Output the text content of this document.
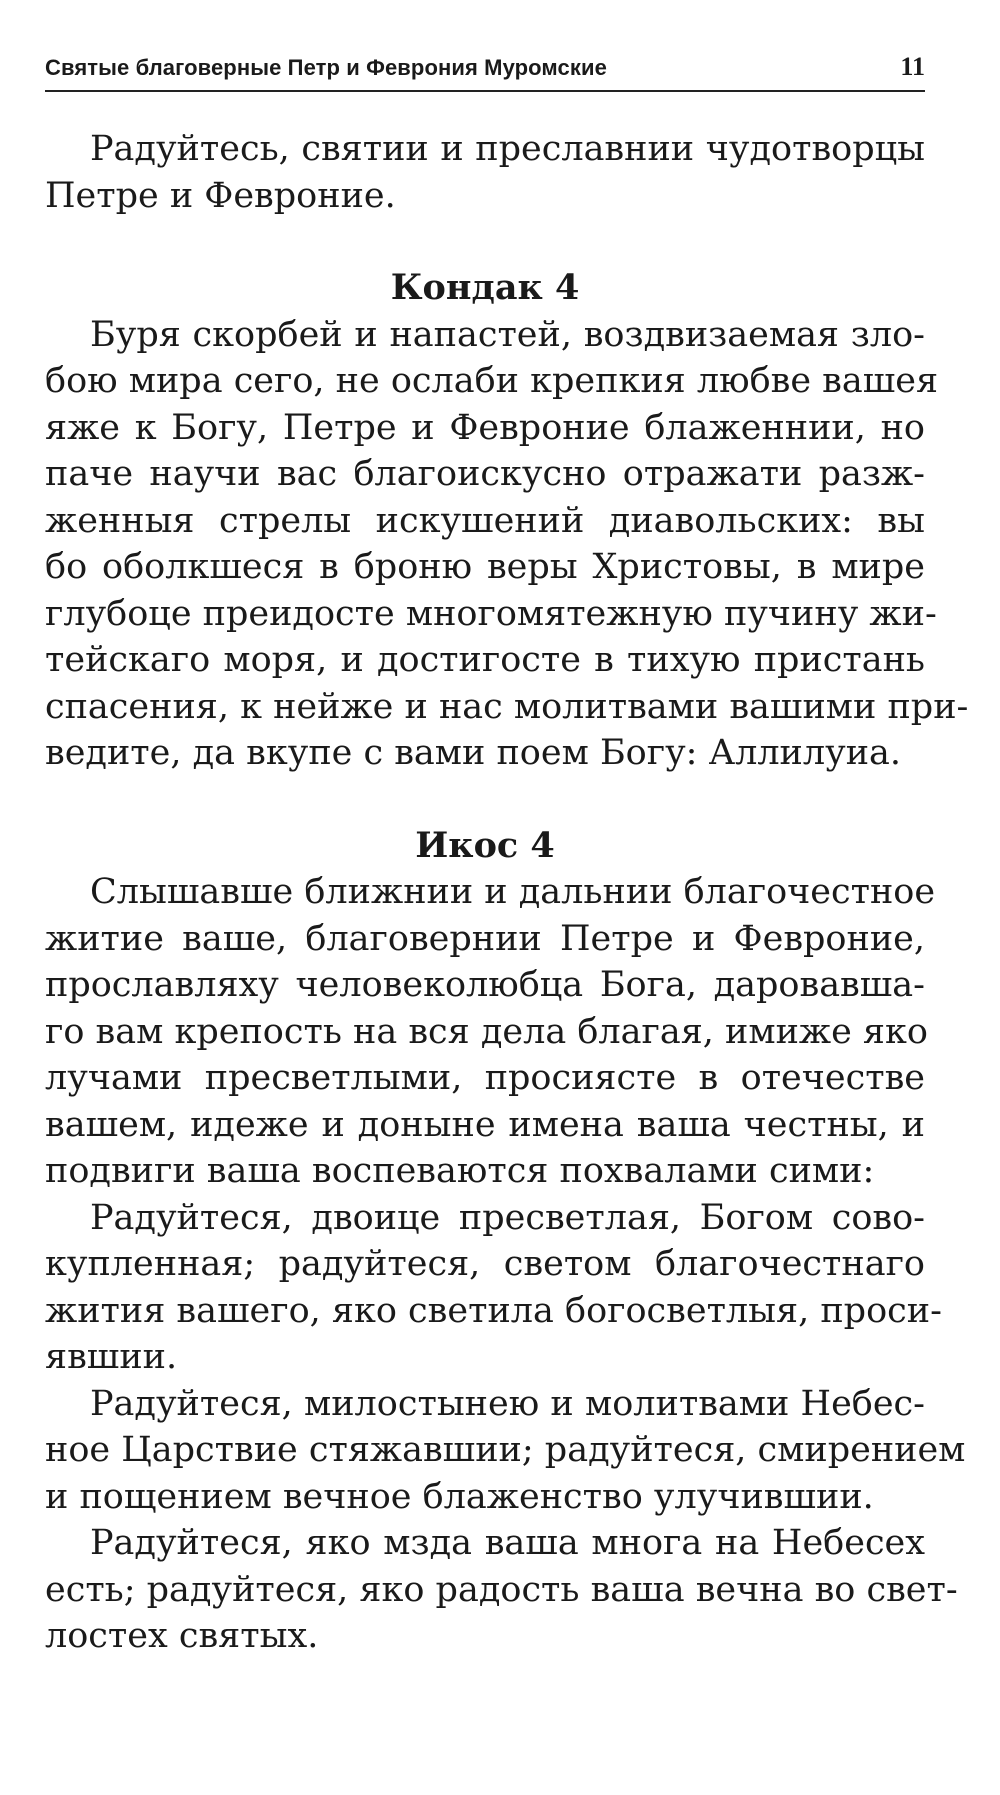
Святые благоверные Петр и Феврония Муромские	11
Радуйтесь, святии и преславнии чудотворцы
Петре и Февроние.
Кондак 4
Буря скорбей и напастей, воздвизаемая зло-
бою мира сего, не ослаби крепкия любве вашея
яже к Богу, Петре и Февроние блаженнии, но
паче научи вас благоискусно отражати разж-
женныя стрелы искушений диавольских: вы
бо оболкшеся в броню веры Христовы, в мире
глубоце преидосте многомятежную пучину жи-
тейскаго моря, и достигосте в тихую пристань
спасения, к нейже и нас молитвами вашими при-
ведите, да вкупе с вами поем Богу: Аллилуиа.
Икос 4
Слышавше ближнии и дальнии благочестное
житие ваше, благовернии Петре и Февроние,
прославляху человеколюбца Бога, даровавша-
го вам крепость на вся дела благая, имиже яко
лучами пресветлыми, просиясте в отечестве
вашем, идеже и доныне имена ваша честны, и
подвиги ваша воспеваются похвалами сими:
Радуйтеся, двоице пресветлая, Богом сово-
купленная; радуйтеся, светом благочестнаго
жития вашего, яко светила богосветлыя, проси-
явшии.
Радуйтеся, милостынею и молитвами Небес-
ное Царствие стяжавшии; радуйтеся, смирением
и пощением вечное блаженство улучившии.
Радуйтеся, яко мзда ваша многа на Небесех
есть; радуйтеся, яко радость ваша вечна во свет-
лостех святых.
